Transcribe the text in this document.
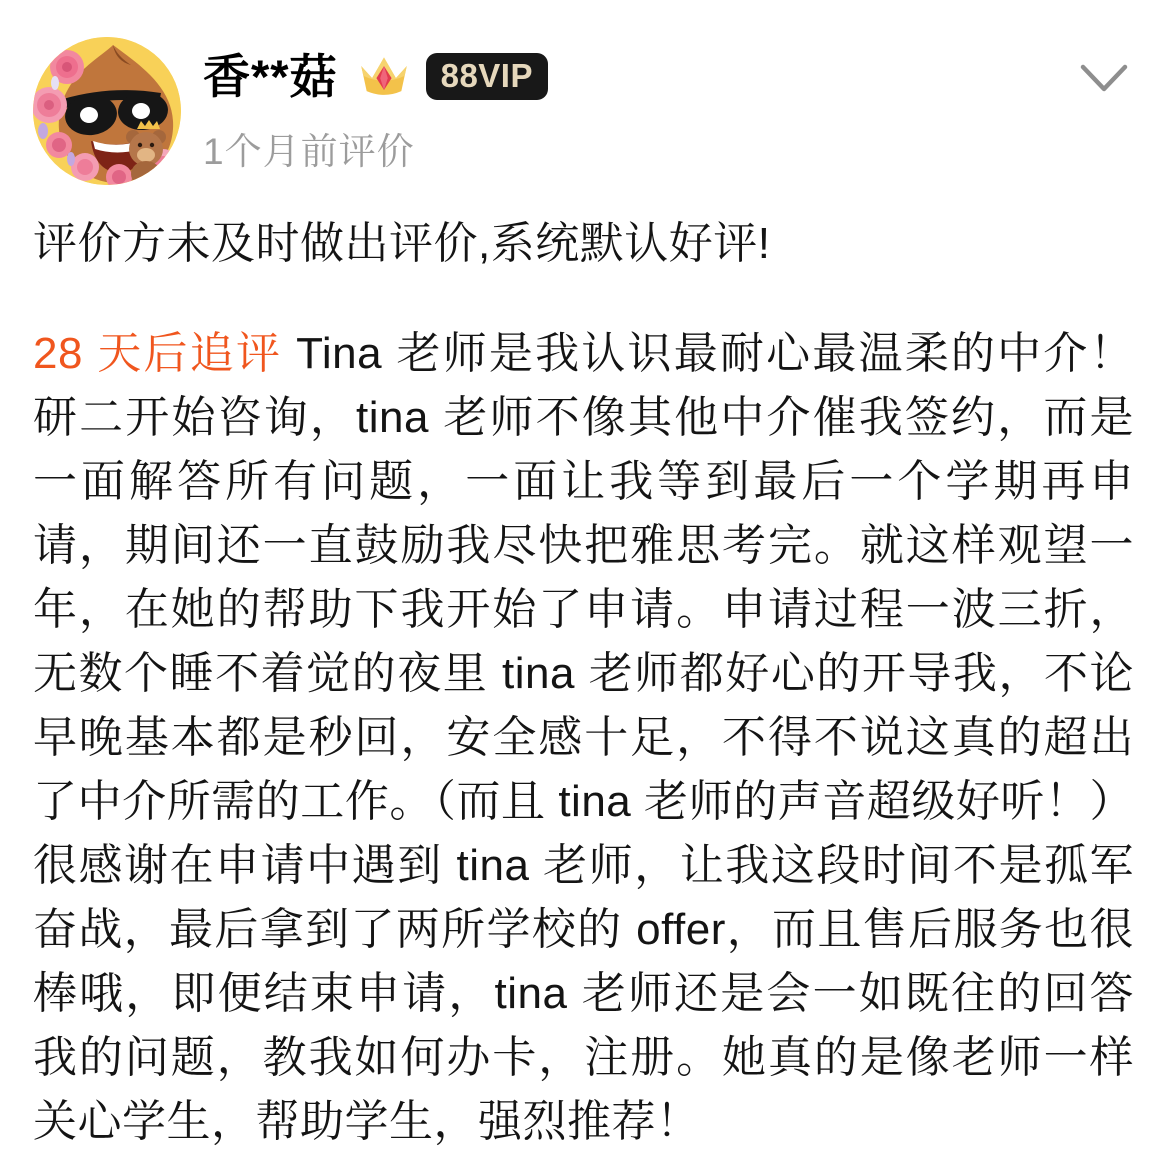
香**菇	88VIP
1个月前评价
评价方未及时做出评价,系统默认好评!

28 天后追评 Tina 老师是我认识最耐心最温柔的中介！研二开始咨询，tina 老师不像其他中介催我签约，而是一面解答所有问题，一面让我等到最后一个学期再申请，期间还一直鼓励我尽快把雅思考完。就这样观望一年，在她的帮助下我开始了申请。申请过程一波三折，无数个睡不着觉的夜里 tina 老师都好心的开导我，不论早晚基本都是秒回，安全感十足，不得不说这真的超出了中介所需的工作。（而且 tina 老师的声音超级好听！）很感谢在申请中遇到 tina 老师，让我这段时间不是孤军奋战，最后拿到了两所学校的 offer，而且售后服务也很棒哦，即便结束申请，tina 老师还是会一如既往的回答我的问题，教我如何办卡，注册。她真的是像老师一样关心学生，帮助学生，强烈推荐！
